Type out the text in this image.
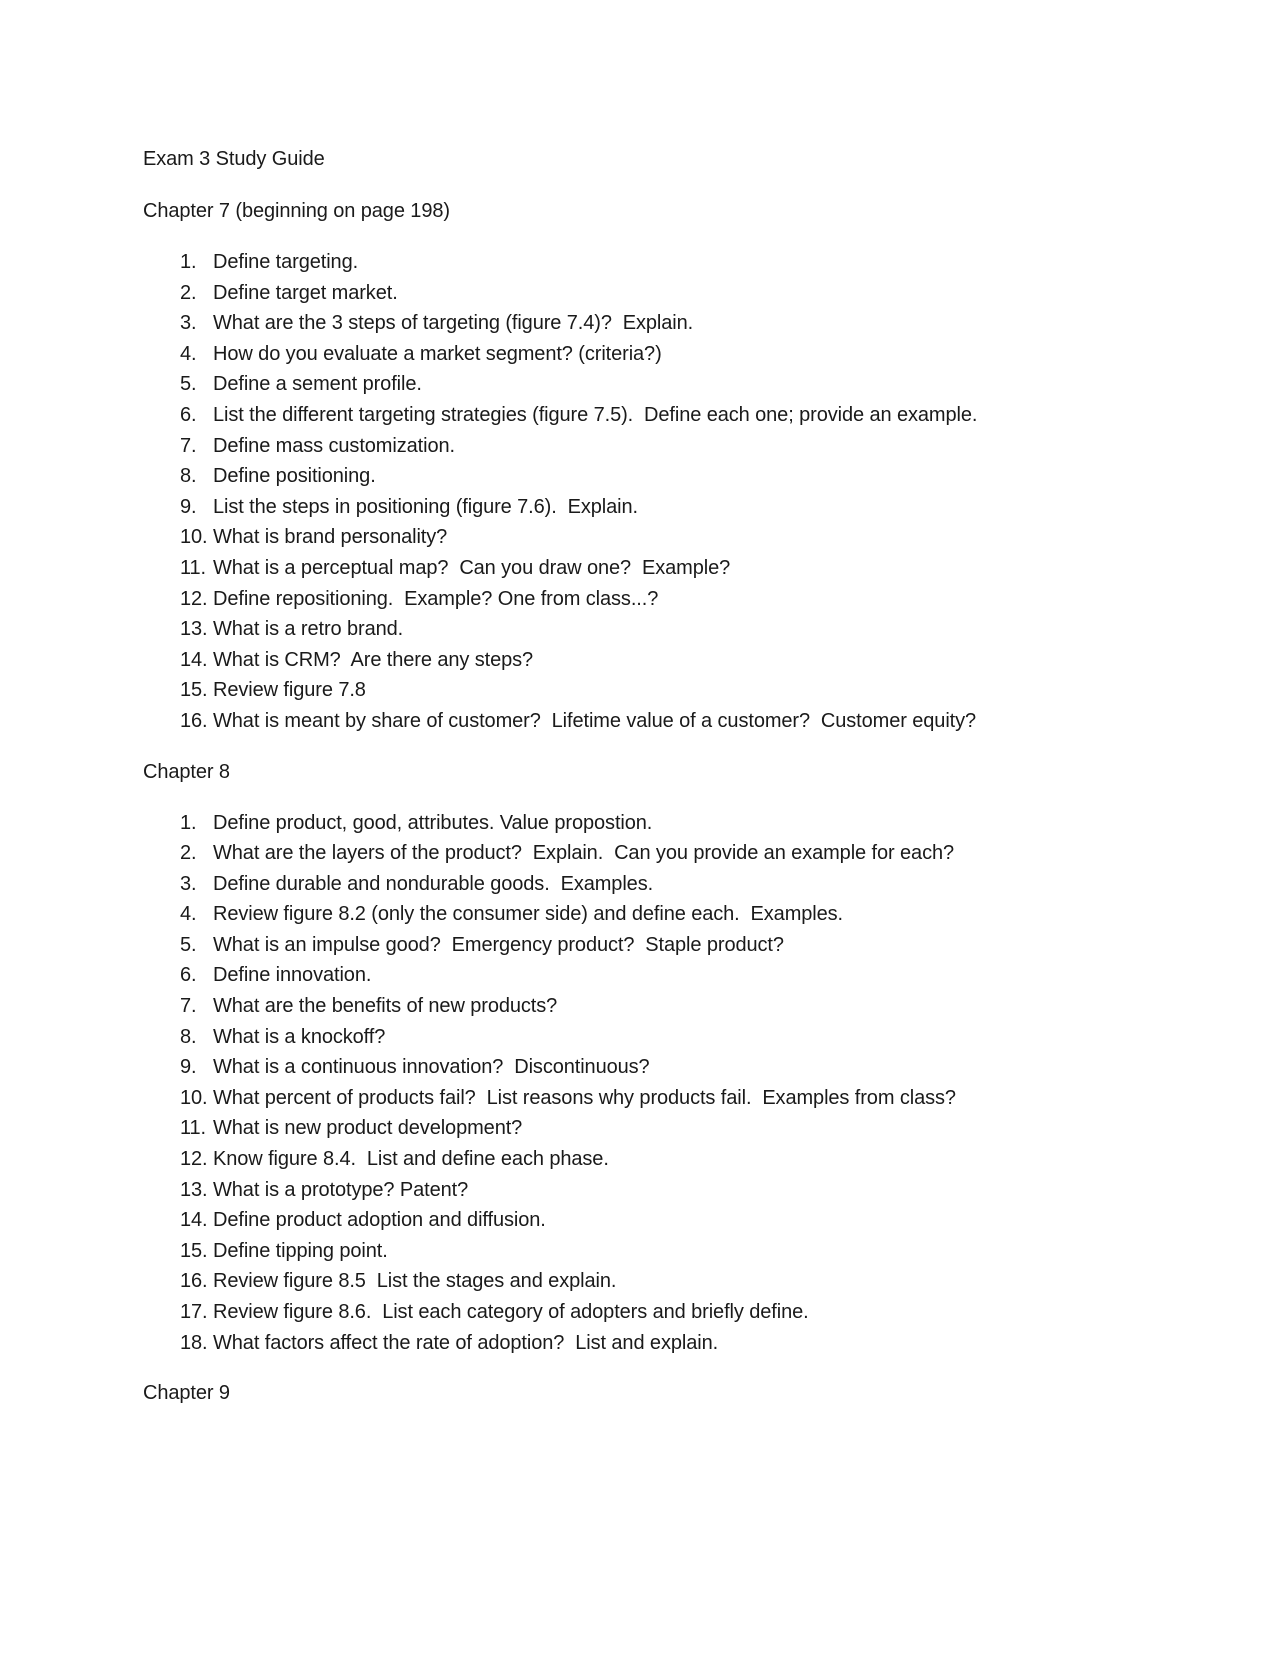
Exam 3 Study Guide

Chapter 7 (beginning on page 198)

1. Define targeting.
2. Define target market.
3. What are the 3 steps of targeting (figure 7.4)?  Explain.
4. How do you evaluate a market segment? (criteria?)
5. Define a sement profile.
6. List the different targeting strategies (figure 7.5).  Define each one; provide an example.
7. Define mass customization.
8. Define positioning.
9. List the steps in positioning (figure 7.6).  Explain.
10. What is brand personality?
11. What is a perceptual map?  Can you draw one?  Example?
12. Define repositioning.  Example? One from class...?
13. What is a retro brand.
14. What is CRM?  Are there any steps?
15. Review figure 7.8
16. What is meant by share of customer?  Lifetime value of a customer?  Customer equity?

Chapter 8

1. Define product, good, attributes. Value propostion.
2. What are the layers of the product?  Explain.  Can you provide an example for each?
3. Define durable and nondurable goods.  Examples.
4. Review figure 8.2 (only the consumer side) and define each.  Examples.
5. What is an impulse good?  Emergency product?  Staple product?
6. Define innovation.
7. What are the benefits of new products?
8. What is a knockoff?
9. What is a continuous innovation?  Discontinuous?
10. What percent of products fail?  List reasons why products fail.  Examples from class?
11. What is new product development?
12. Know figure 8.4.  List and define each phase.
13. What is a prototype? Patent?
14. Define product adoption and diffusion.
15. Define tipping point.
16. Review figure 8.5  List the stages and explain.
17. Review figure 8.6.  List each category of adopters and briefly define.
18. What factors affect the rate of adoption?  List and explain.

Chapter 9
